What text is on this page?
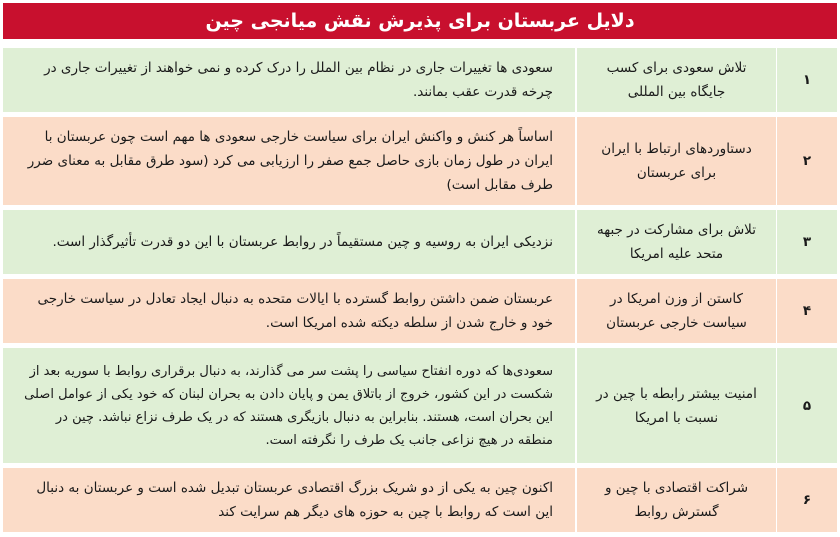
دلایل عربستان برای پذیرش نقش میانجی چین
۱	تلاش سعودی برای کسب جایگاه بین المللی	سعودی ها تغییرات جاری در نظام بین الملل را درک کرده و نمی خواهند از تغییرات جاری در چرخه قدرت عقب بمانند.
۲	دستاوردهای ارتباط با ایران برای عربستان	اساساً هر کنش و واکنش ایران برای سیاست خارجی سعودی ها مهم است چون عربستان با ایران در طول زمان بازی حاصل جمع صفر را ارزیابی می کرد (سود طرق مقابل به معنای ضرر طرف مقابل است)
۳	تلاش برای مشارکت در جبهه متحد علیه امریکا	نزدیکی ایران به روسیه و چین مستقیماً در روابط عربستان با این دو قدرت تأثیرگذار است.
۴	کاستن از وزن امریکا در سیاست خارجی عربستان	عربستان ضمن داشتن روابط گسترده با ایالات متحده به دنبال ایجاد تعادل در سیاست خارجی خود و خارج شدن از سلطه دیکته شده امریکا است.
۵	امنیت بیشتر رابطه با چین در نسبت با امریکا	سعودی‌ها که دوره انفتاح سیاسی را پشت سر می گذارند، به دنبال برقراری روابط با سوریه بعد از شکست در این کشور، خروج از باتلاق یمن و پایان دادن به بحران لبنان که خود یکی از عوامل اصلی این بحران است، هستند. بنابراین به دنبال بازیگری هستند که در یک طرف نزاع نباشد. چین در منطقه در هیچ نزاعی جانب یک طرف را نگرفته است.
۶	شراکت اقتصادی با چین و گسترش روابط	اکنون چین به یکی از دو شریک بزرگ اقتصادی عربستان تبدیل شده است و عربستان به دنبال این است که روابط با چین به حوزه های دیگر هم سرایت کند
